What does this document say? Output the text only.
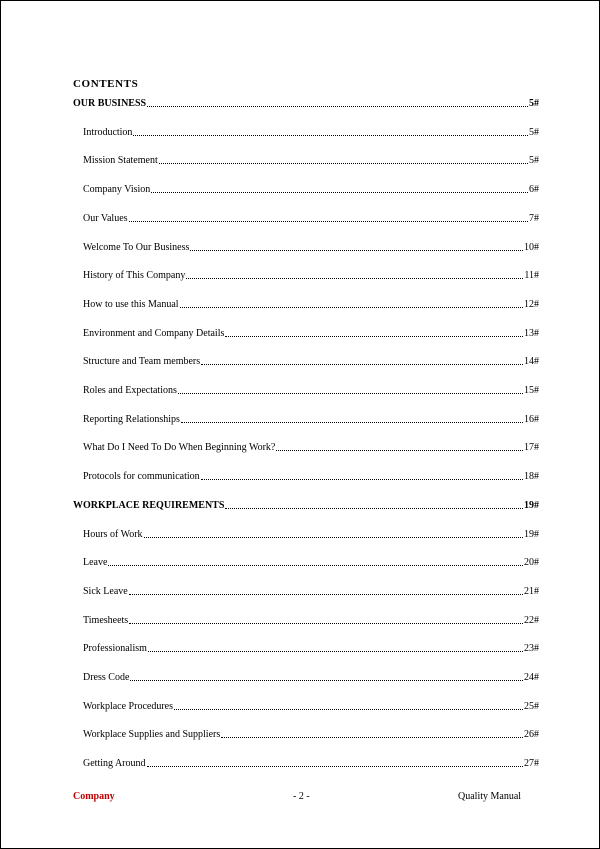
CONTENTS
OUR BUSINESS	5#
Introduction	5#
Mission Statement	5#
Company Vision	6#
Our Values	7#
Welcome To Our Business	10#
History of This Company	11#
How to use this Manual	12#
Environment and Company Details	13#
Structure and Team members	14#
Roles and Expectations	15#
Reporting Relationships	16#
What Do I Need To Do When Beginning Work?	17#
Protocols for communication	18#
WORKPLACE REQUIREMENTS	19#
Hours of Work	19#
Leave	20#
Sick Leave	21#
Timesheets	22#
Professionalism	23#
Dress Code	24#
Workplace Procedures	25#
Workplace Supplies and Suppliers	26#
Getting Around	27#
Company	- 2 -	Quality Manual
